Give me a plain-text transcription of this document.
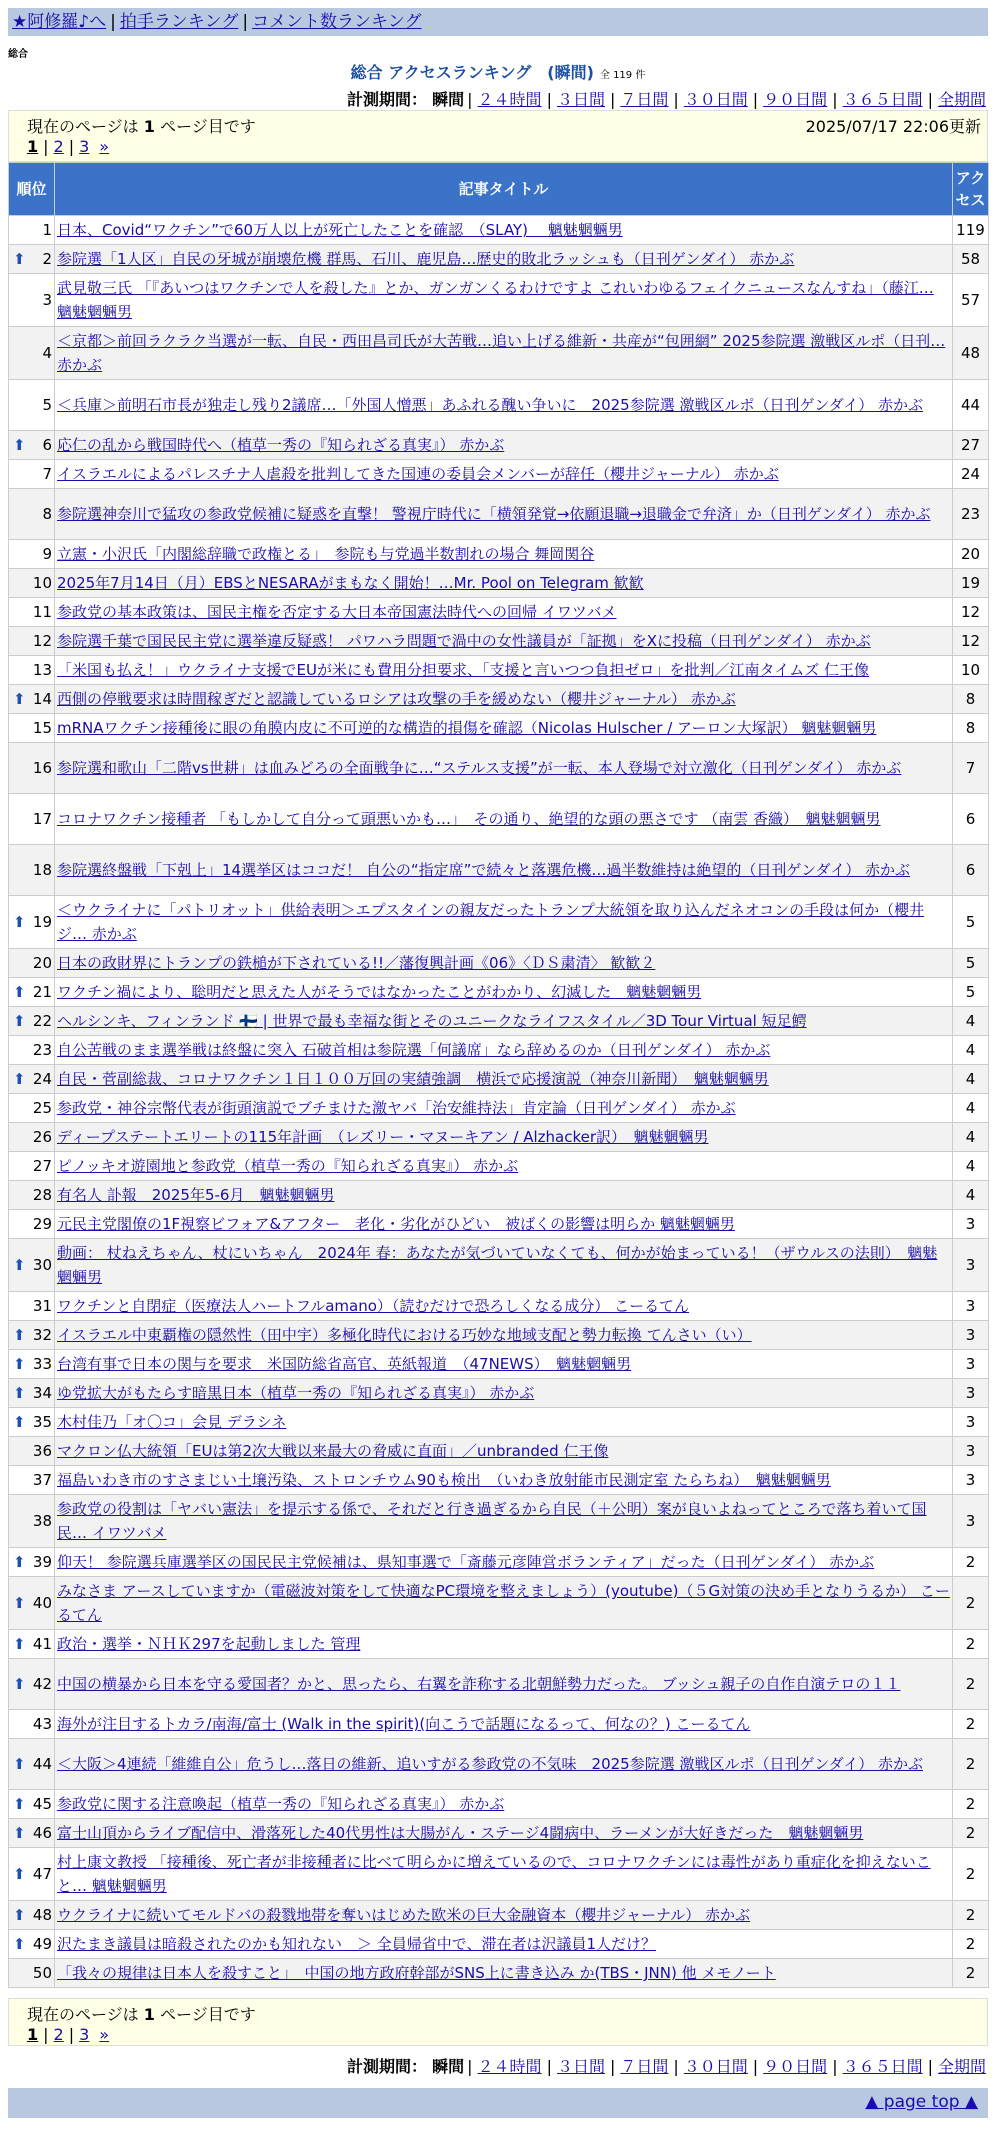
★阿修羅♪へ | 拍手ランキング | コメント数ランキング
総合
総合 アクセスランキング　(瞬間) 全 119 件
計測期間： 瞬間 | ２４時間 | ３日間 | ７日間 | ３０日間 | ９０日間 | ３６５日間 | 全期間
現在のページは 1 ページ目です	2025/07/17 22:06更新
1 | 2 | 3 »
順位	記事タイトル	アクセス
1	日本、Covid“ワクチン”で60万人以上が死亡したことを確認　（SLAY)　 魑魅魍魎男	119

⬆ 2	参院選「1人区」自民の牙城が崩壊危機 群馬、石川、鹿児島…歴史的敗北ラッシュも（日刊ゲンダイ） 赤かぶ	58
3	武見敬三氏 「『あいつはワクチンで人を殺した』とか、ガンガンくるわけですよ これいわゆるフェイクニュースなんすね」（藤江… 魑魅魍魎男	57
4	＜京都＞前回ラクラク当選が一転、自民・西田昌司氏が大苦戦…追い上げる維新・共産が“包囲網” 2025参院選 激戦区ルポ（日刊… 赤かぶ	48
5	＜兵庫＞前明石市長が独走し残り2議席…「外国人憎悪」あふれる醜い争いに　2025参院選 激戦区ルポ（日刊ゲンダイ） 赤かぶ	44

⬆ 6	応仁の乱から戦国時代へ（植草一秀の『知られざる真実』） 赤かぶ	27
7	イスラエルによるパレスチナ人虐殺を批判してきた国連の委員会メンバーが辞任（櫻井ジャーナル） 赤かぶ	24
8	参院選神奈川で猛攻の参政党候補に疑惑を直撃！ 警視庁時代に「横領発覚→依願退職→退職金で弁済」か（日刊ゲンダイ） 赤かぶ	23
9	立憲・小沢氏「内閣総辞職で政権とる」　参院も与党過半数割れの場合 舞岡関谷	20
10	2025年7月14日（月）EBSとNESARAがまもなく開始！…Mr. Pool on Telegram 歓歓	19
11	参政党の基本政策は、国民主権を否定する大日本帝国憲法時代への回帰 イワツバメ	12
12	参院選千葉で国民民主党に選挙違反疑惑！ パワハラ問題で渦中の女性議員が「証拠」をXに投稿（日刊ゲンダイ） 赤かぶ	12
13	「米国も払え！」ウクライナ支援でEUが米にも費用分担要求、「支援と言いつつ負担ゼロ」を批判／江南タイムズ 仁王像	10

⬆ 14	西側の停戦要求は時間稼ぎだと認識しているロシアは攻撃の手を緩めない（櫻井ジャーナル） 赤かぶ	8
15	mRNAワクチン接種後に眼の角膜内皮に不可逆的な構造的損傷を確認（Nicolas Hulscher / アーロン大塚訳） 魑魅魍魎男	8
16	参院選和歌山「二階vs世耕」は血みどろの全面戦争に…“ステルス支援”が一転、本人登場で対立激化（日刊ゲンダイ） 赤かぶ	7
17	コロナワクチン接種者 「もしかして自分って頭悪いかも…」　その通り、絶望的な頭の悪さです （南雲 香織）　魑魅魍魎男	6
18	参院選終盤戦「下剋上」14選挙区はココだ！ 自公の“指定席”で続々と落選危機…過半数維持は絶望的（日刊ゲンダイ） 赤かぶ	6

⬆ 19	＜ウクライナに「パトリオット」供給表明＞エプスタインの親友だったトランプ大統領を取り込んだネオコンの手段は何か（櫻井ジ… 赤かぶ	5
20	日本の政財界にトランプの鉄槌が下されている!!／藩復興計画《06》〈ＤＳ粛清〉 歓歓２	5

⬆ 21	ワクチン禍により、聡明だと思えた人がそうではなかったことがわかり、幻滅した　魑魅魍魎男	5

⬆ 22	ヘルシンキ、フィンランド 🇫🇮 | 世界で最も幸福な街とそのユニークなライフスタイル／3D Tour Virtual 短足鰐	4
23	自公苦戦のまま選挙戦は終盤に突入 石破首相は参院選「何議席」なら辞めるのか（日刊ゲンダイ） 赤かぶ	4

⬆ 24	自民・菅副総裁、コロナワクチン１日１００万回の実績強調　横浜で応援演説（神奈川新聞）　魑魅魍魎男	4
25	参政党・神谷宗幣代表が街頭演説でブチまけた激ヤバ「治安維持法」肯定論（日刊ゲンダイ） 赤かぶ	4
26	ディープステートエリートの115年計画　（レズリー・マヌーキアン / Alzhacker訳）　魑魅魍魎男	4
27	ピノッキオ遊園地と参政党（植草一秀の『知られざる真実』） 赤かぶ	4
28	有名人 訃報　2025年5-6月　魑魅魍魎男	4
29	元民主党閣僚の1F視察ビフォア&アフター　老化・劣化がひどい　被ばくの影響は明らか 魑魅魍魎男	3

⬆ 30	動画： 杖ねえちゃん、杖にいちゃん　2024年 春：あなたが気づいていなくても、何かが始まっている！（ザウルスの法則）　魑魅魍魎男	3
31	ワクチンと自閉症（医療法人ハートフルamano）（読むだけで恐ろしくなる成分） こーるてん	3

⬆ 32	イスラエル中東覇権の隠然性（田中宇）多極化時代における巧妙な地域支配と勢力転換 てんさい（い）	3

⬆ 33	台湾有事で日本の関与を要求　米国防総省高官、英紙報道　（47NEWS）　魑魅魍魎男	3

⬆ 34	ゆ党拡大がもたらす暗黒日本（植草一秀の『知られざる真実』） 赤かぶ	3

⬆ 35	木村佳乃「オ〇コ」会見 デラシネ	3
36	マクロン仏大統領「EUは第2次大戦以来最大の脅威に直面」／unbranded 仁王像	3
37	福島いわき市のすさまじい土壌汚染、ストロンチウム90も検出　（いわき放射能市民測定室 たらちね）　魑魅魍魎男	3
38	参政党の役割は「ヤバい憲法」を提示する係で、それだと行き過ぎるから自民（＋公明）案が良いよねってところで落ち着いて国民… イワツバメ	3

⬆ 39	仰天！ 参院選兵庫選挙区の国民民主党候補は、県知事選で「斎藤元彦陣営ボランティア」だった（日刊ゲンダイ） 赤かぶ	2

⬆ 40	みなさま アースしていますか（電磁波対策をして快適なPC環境を整えましょう）(youtube)（５G対策の決め手となりうるか） こーるてん	2

⬆ 41	政治・選挙・ＮＨＫ297を起動しました 管理	2

⬆ 42	中国の横暴から日本を守る愛国者？かと、思ったら、右翼を詐称する北朝鮮勢力だった。 ブッシュ親子の自作自演テロの１１	2
43	海外が注目するトカラ/南海/富士 (Walk in the spirit)(向こうで話題になるって、何なの？) こーるてん	2

⬆ 44	＜大阪＞4連続「維維自公」危うし…落日の維新、追いすがる参政党の不気味　2025参院選 激戦区ルポ（日刊ゲンダイ） 赤かぶ	2

⬆ 45	参政党に関する注意喚起（植草一秀の『知られざる真実』） 赤かぶ	2

⬆ 46	富士山頂からライブ配信中、滑落死した40代男性は大腸がん・ステージ4闘病中、ラーメンが大好きだった　魑魅魍魎男	2

⬆ 47	村上康文教授 「接種後、死亡者が非接種者に比べて明らかに増えているので、コロナワクチンには毒性があり重症化を抑えないこと… 魑魅魍魎男	2

⬆ 48	ウクライナに続いてモルドバの殺戮地帯を奪いはじめた欧米の巨大金融資本（櫻井ジャーナル） 赤かぶ	2

⬆ 49	沢たまき議員は暗殺されたのかも知れない　＞ 全員帰省中で、滞在者は沢議員1人だけ？	2
50	「我々の規律は日本人を殺すこと」　中国の地方政府幹部がSNS上に書き込み か(TBS・JNN) 他 メモノート	2
現在のページは 1 ページ目です
1 | 2 | 3 »
計測期間： 瞬間 | ２４時間 | ３日間 | ７日間 | ３０日間 | ９０日間 | ３６５日間 | 全期間
▲ page top ▲
